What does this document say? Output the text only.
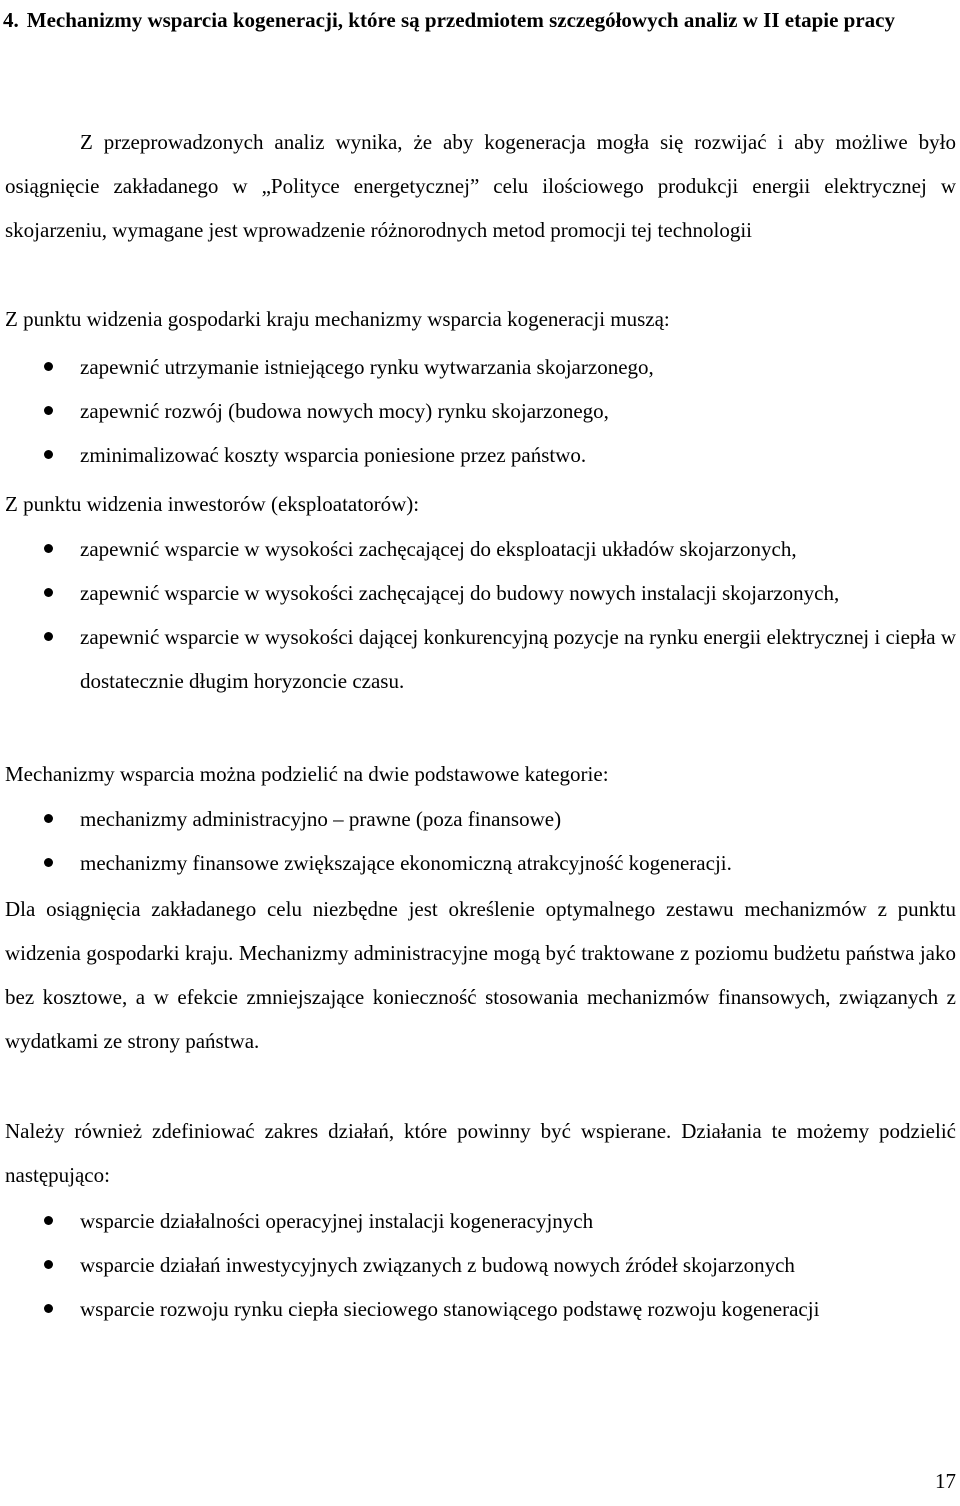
4. Mechanizmy wsparcia kogeneracji, które są przedmiotem szczegółowych analiz w II etapie pracy

Z przeprowadzonych analiz wynika, że aby kogeneracja mogła się rozwijać i aby możliwe było osiągnięcie zakładanego w „Polityce energetycznej” celu ilościowego produkcji energii elektrycznej w skojarzeniu, wymagane jest wprowadzenie różnorodnych metod promocji tej technologii

Z punktu widzenia gospodarki kraju mechanizmy wsparcia kogeneracji muszą:

zapewnić utrzymanie istniejącego rynku wytwarzania skojarzonego,
zapewnić rozwój (budowa nowych mocy) rynku skojarzonego,
zminimalizować koszty wsparcia poniesione przez państwo.

Z punktu widzenia inwestorów (eksploatatorów):

zapewnić wsparcie w wysokości zachęcającej do eksploatacji układów skojarzonych,
zapewnić wsparcie w wysokości zachęcającej do budowy nowych instalacji skojarzonych,
zapewnić wsparcie w wysokości dającej konkurencyjną pozycje na rynku energii elektrycznej i ciepła w dostatecznie długim horyzoncie czasu.

Mechanizmy wsparcia można podzielić na dwie podstawowe kategorie:

mechanizmy administracyjno – prawne (poza finansowe)
mechanizmy finansowe zwiększające ekonomiczną atrakcyjność kogeneracji.

Dla osiągnięcia zakładanego celu niezbędne jest określenie optymalnego zestawu mechanizmów z punktu widzenia gospodarki kraju. Mechanizmy administracyjne mogą być traktowane z poziomu budżetu państwa jako bez kosztowe, a w efekcie zmniejszające konieczność stosowania mechanizmów finansowych, związanych z wydatkami ze strony państwa.

Należy również zdefiniować zakres działań, które powinny być wspierane. Działania te możemy podzielić następująco:

wsparcie działalności operacyjnej instalacji kogeneracyjnych
wsparcie działań inwestycyjnych związanych z budową nowych źródeł skojarzonych
wsparcie rozwoju rynku ciepła sieciowego stanowiącego podstawę rozwoju kogeneracji
17
